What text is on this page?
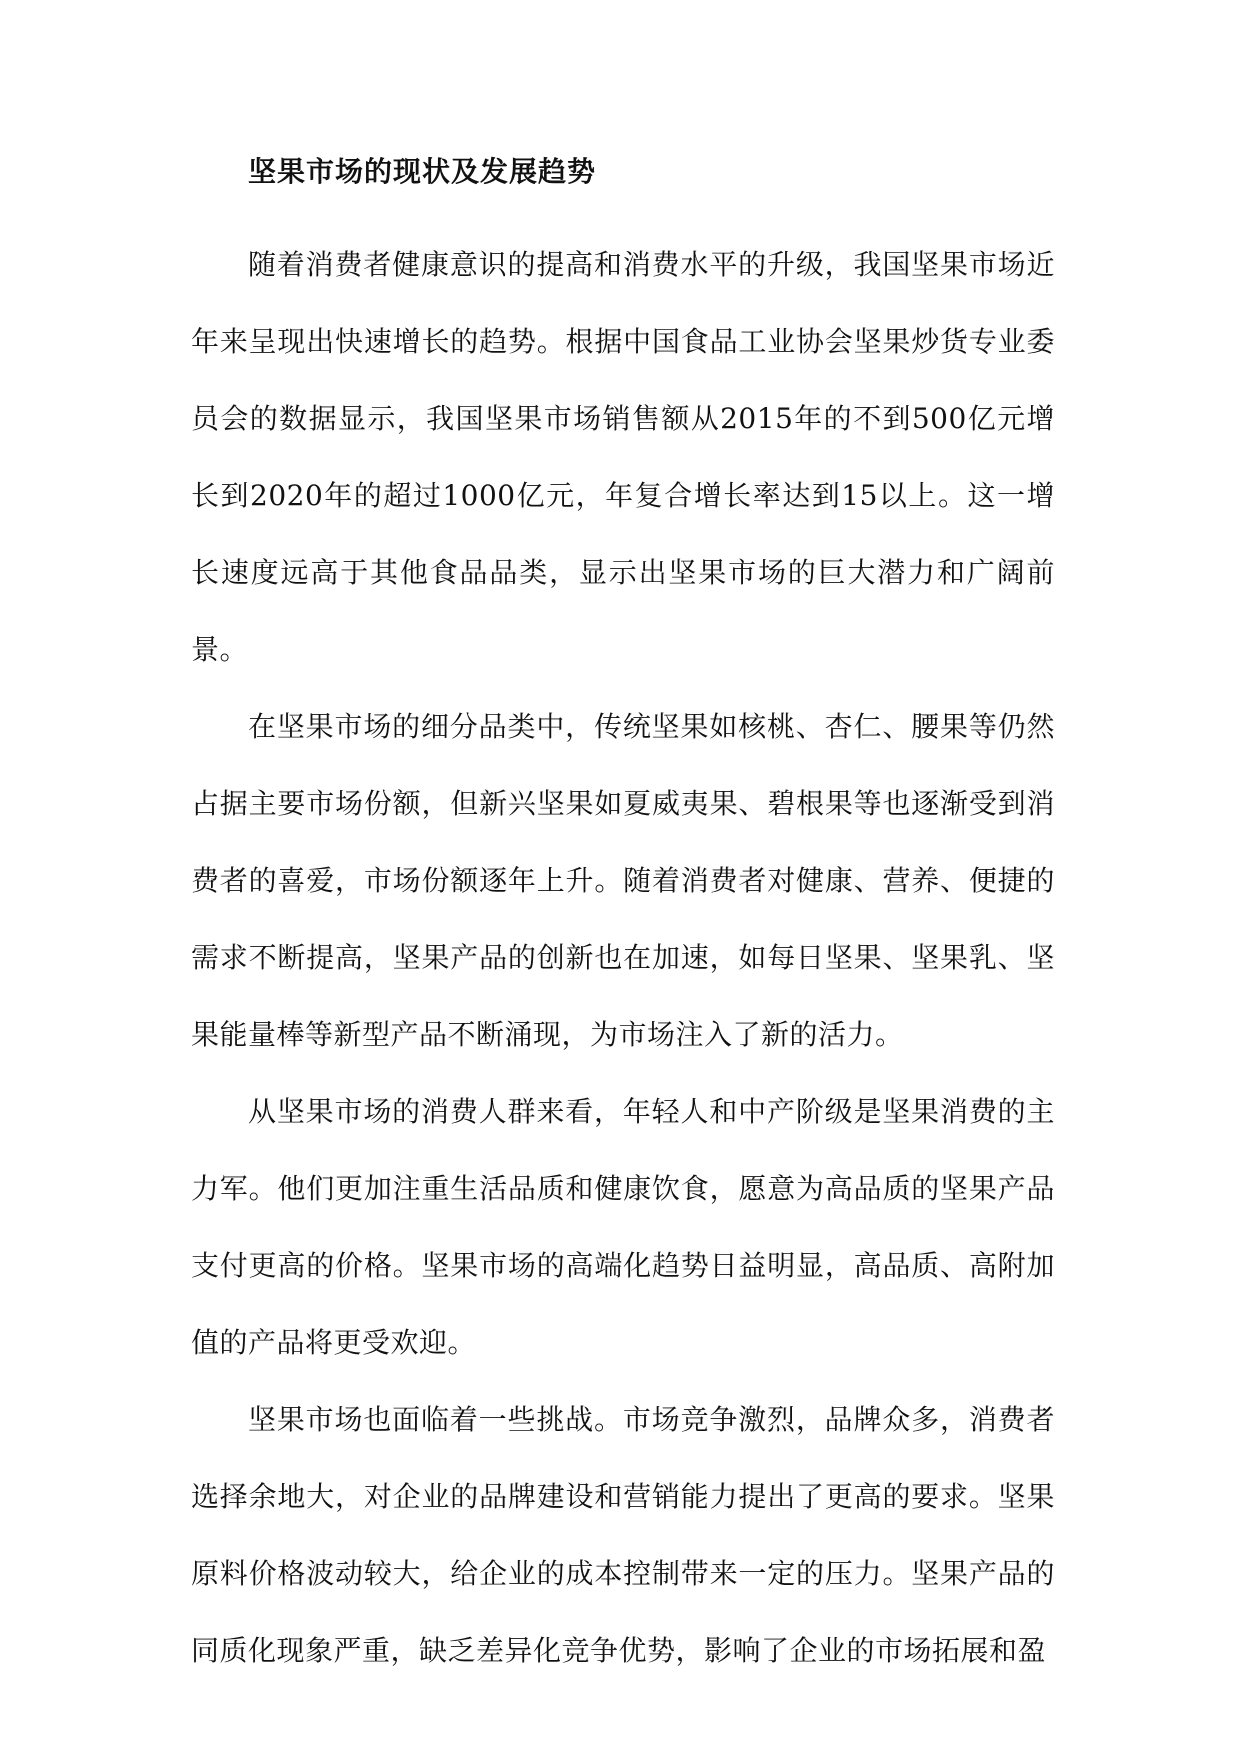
坚果市场的现状及发展趋势

随着消费者健康意识的提高和消费水平的升级，我国坚果市场近年来呈现出快速增长的趋势。根据中国食品工业协会坚果炒货专业委员会的数据显示，我国坚果市场销售额从2015年的不到500亿元增长到2020年的超过1000亿元，年复合增长率达到15以上。这一增长速度远高于其他食品品类，显示出坚果市场的巨大潜力和广阔前景。

在坚果市场的细分品类中，传统坚果如核桃、杏仁、腰果等仍然占据主要市场份额，但新兴坚果如夏威夷果、碧根果等也逐渐受到消费者的喜爱，市场份额逐年上升。随着消费者对健康、营养、便捷的需求不断提高，坚果产品的创新也在加速，如每日坚果、坚果乳、坚果能量棒等新型产品不断涌现，为市场注入了新的活力。

从坚果市场的消费人群来看，年轻人和中产阶级是坚果消费的主力军。他们更加注重生活品质和健康饮食，愿意为高品质的坚果产品支付更高的价格。坚果市场的高端化趋势日益明显，高品质、高附加值的产品将更受欢迎。

坚果市场也面临着一些挑战。市场竞争激烈，品牌众多，消费者选择余地大，对企业的品牌建设和营销能力提出了更高的要求。坚果原料价格波动较大，给企业的成本控制带来一定的压力。坚果产品的同质化现象严重，缺乏差异化竞争优势，影响了企业的市场拓展和盈
